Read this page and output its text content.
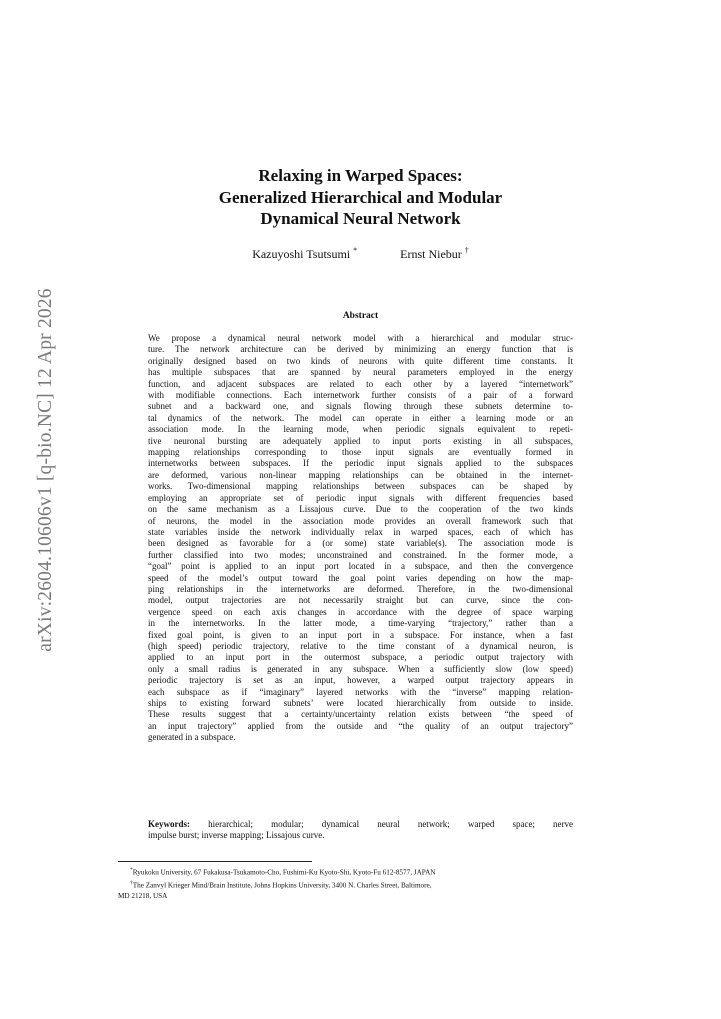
arXiv:2604.10606v1 [q-bio.NC] 12 Apr 2026
Relaxing in Warped Spaces:
Generalized Hierarchical and Modular
Dynamical Neural Network
Kazuyoshi Tsutsumi *	Ernst Niebur †
Abstract
We propose a dynamical neural network model with a hierarchical and modular struc-
ture. The network architecture can be derived by minimizing an energy function that is
originally designed based on two kinds of neurons with quite different time constants. It
has multiple subspaces that are spanned by neural parameters employed in the energy
function, and adjacent subspaces are related to each other by a layered “internetwork”
with modifiable connections. Each internetwork further consists of a pair of a forward
subnet and a backward one, and signals flowing through these subnets determine to-
tal dynamics of the network. The model can operate in either a learning mode or an
association mode. In the learning mode, when periodic signals equivalent to repeti-
tive neuronal bursting are adequately applied to input ports existing in all subspaces,
mapping relationships corresponding to those input signals are eventually formed in
internetworks between subspaces. If the periodic input signals applied to the subspaces
are deformed, various non-linear mapping relationships can be obtained in the internet-
works. Two-dimensional mapping relationships between subspaces can be shaped by
employing an appropriate set of periodic input signals with different frequencies based
on the same mechanism as a Lissajous curve. Due to the cooperation of the two kinds
of neurons, the model in the association mode provides an overall framework such that
state variables inside the network individually relax in warped spaces, each of which has
been designed as favorable for a (or some) state variable(s). The association mode is
further classified into two modes; unconstrained and constrained. In the former mode, a
“goal” point is applied to an input port located in a subspace, and then the convergence
speed of the model’s output toward the goal point varies depending on how the map-
ping relationships in the internetworks are deformed. Therefore, in the two-dimensional
model, output trajectories are not necessarily straight but can curve, since the con-
vergence speed on each axis changes in accordance with the degree of space warping
in the internetworks. In the latter mode, a time-varying “trajectory,” rather than a
fixed goal point, is given to an input port in a subspace. For instance, when a fast
(high speed) periodic trajectory, relative to the time constant of a dynamical neuron, is
applied to an input port in the outermost subspace, a periodic output trajectory with
only a small radius is generated in any subspace. When a sufficiently slow (low speed)
periodic trajectory is set as an input, however, a warped output trajectory appears in
each subspace as if “imaginary” layered networks with the “inverse” mapping relation-
ships to existing forward subnets’ were located hierarchically from outside to inside.
These results suggest that a certainty/uncertainty relation exists between “the speed of
an input trajectory” applied from the outside and “the quality of an output trajectory”
generated in a subspace.
Keywords: hierarchical; modular; dynamical neural network; warped space; nerve
impulse burst; inverse mapping; Lissajous curve.
*Ryukoku University, 67 Fukakusa-Tsukamoto-Cho, Fushimi-Ku Kyoto-Shi, Kyoto-Fu 612-8577, JAPAN
†The Zanvyl Krieger Mind/Brain Institute, Johns Hopkins University, 3400 N. Charles Street, Baltimore,
MD 21218, USA
